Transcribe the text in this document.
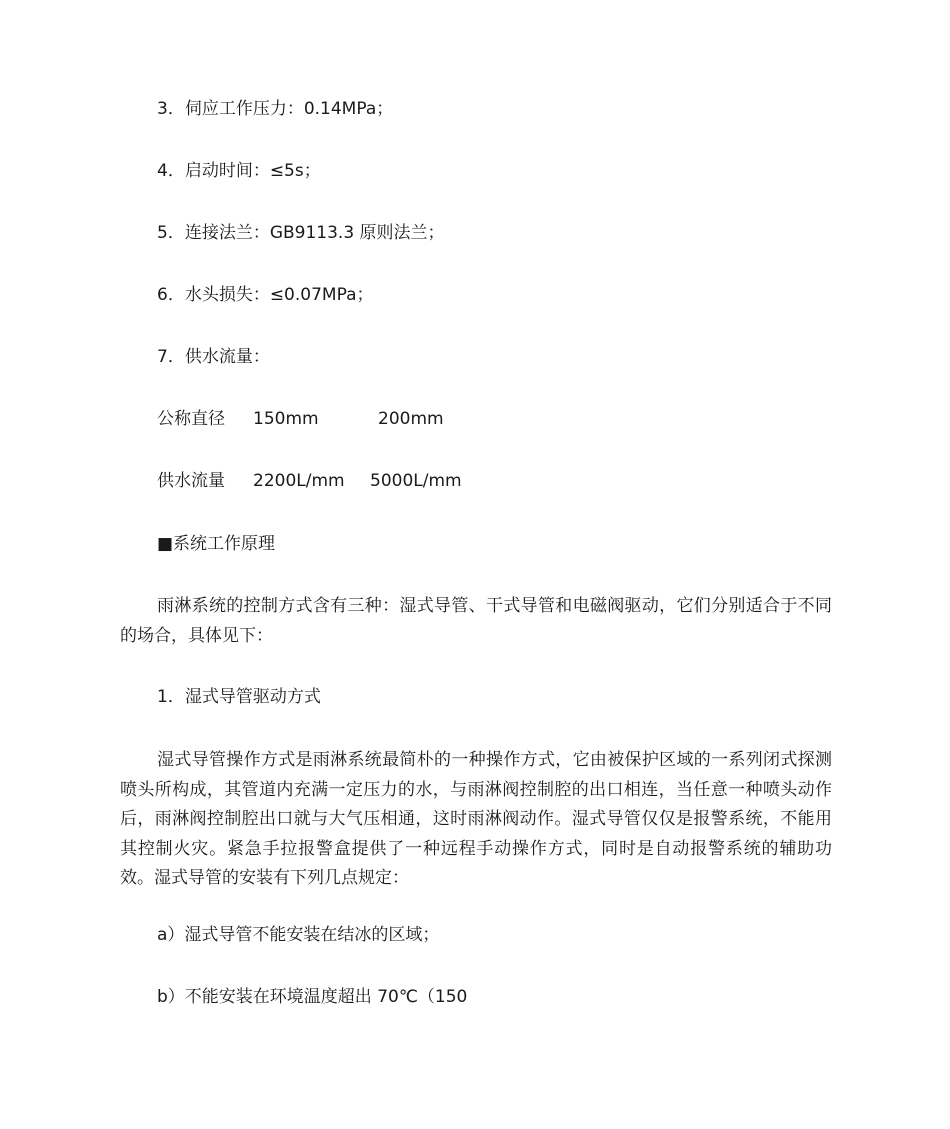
3．伺应工作压力：0.14MPa；
4．启动时间：≤5s；
5．连接法兰：GB9113.3 原则法兰；
6．水头损失：≤0.07MPa；
7．供水流量：
公称直径 150mm	200mm
供水流量 2200L/mm 5000L/mm
■系统工作原理
雨淋系统的控制方式含有三种：湿式导管、干式导管和电磁阀驱动，它们分别适合于不同的场合，具体见下：
1．湿式导管驱动方式
湿式导管操作方式是雨淋系统最简朴的一种操作方式，它由被保护区域的一系列闭式探测喷头所构成，其管道内充满一定压力的水，与雨淋阀控制腔的出口相连，当任意一种喷头动作后，雨淋阀控制腔出口就与大气压相通，这时雨淋阀动作。湿式导管仅仅是报警系统，不能用其控制火灾。紧急手拉报警盒提供了一种远程手动操作方式，同时是自动报警系统的辅助功效。湿式导管的安装有下列几点规定：
a）湿式导管不能安装在结冰的区域；
b）不能安装在环境温度超出 70℃（150
